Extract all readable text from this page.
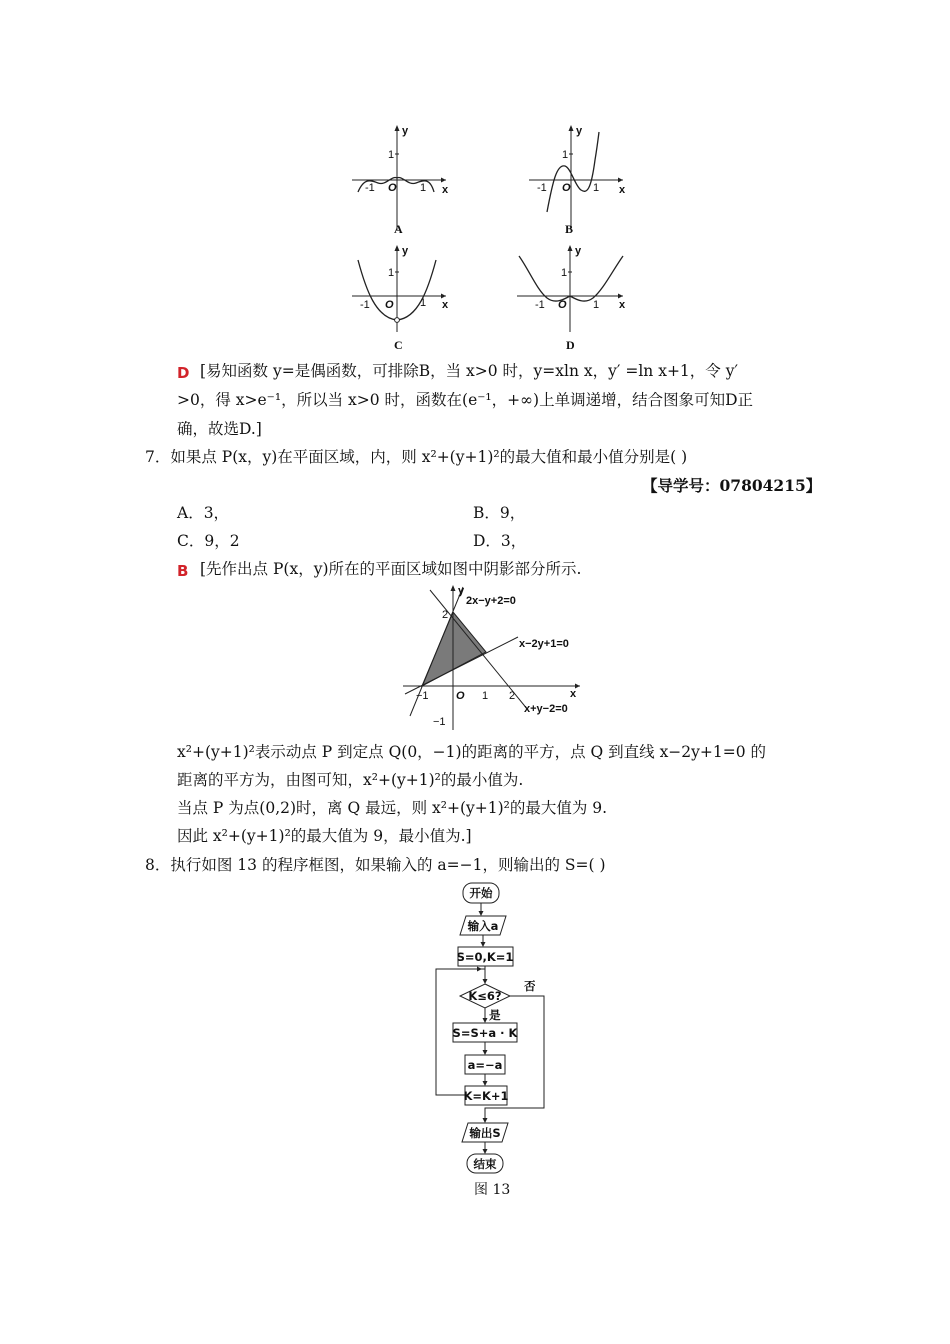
y
x
1
-1	1
O
A
y
x
1
-1	1
O
B
y
x
1
-1	1
O
C
y
x
1
-1	1
O
D
D [易知函数 y=是偶函数，可排除B，当 x>0 时，y=xln x，y′ =ln x+1，令 y′
>0，得 x>e⁻¹，所以当 x>0 时，函数在(e⁻¹，+∞)上单调递增，结合图象可知D正
确，故选D.]
7．如果点 P(x，y)在平面区域，内，则 x²+(y+1)²的最大值和最小值分别是( )
【导学号：07804215】
A．3，	B．9，
C．9，2	D．3，
B [先作出点 P(x，y)所在的平面区域如图中阴影部分所示.
y
x
2x−y+2=0
x−2y+1=0
x+y−2=0
2
O 1 2
−1
−1
x²+(y+1)²表示动点 P 到定点 Q(0，−1)的距离的平方，点 Q 到直线 x−2y+1=0 的
距离的平方为，由图可知，x²+(y+1)²的最小值为.
当点 P 为点(0,2)时，离 Q 最远，则 x²+(y+1)²的最大值为 9.
因此 x²+(y+1)²的最大值为 9，最小值为.]
8．执行如图 13 的程序框图，如果输入的 a=−1，则输出的 S=( )
开始
输入a
S=0,K=1
K≤6?
否
是
S=S+a · K
a=−a
K=K+1
输出S
结束
图 13
